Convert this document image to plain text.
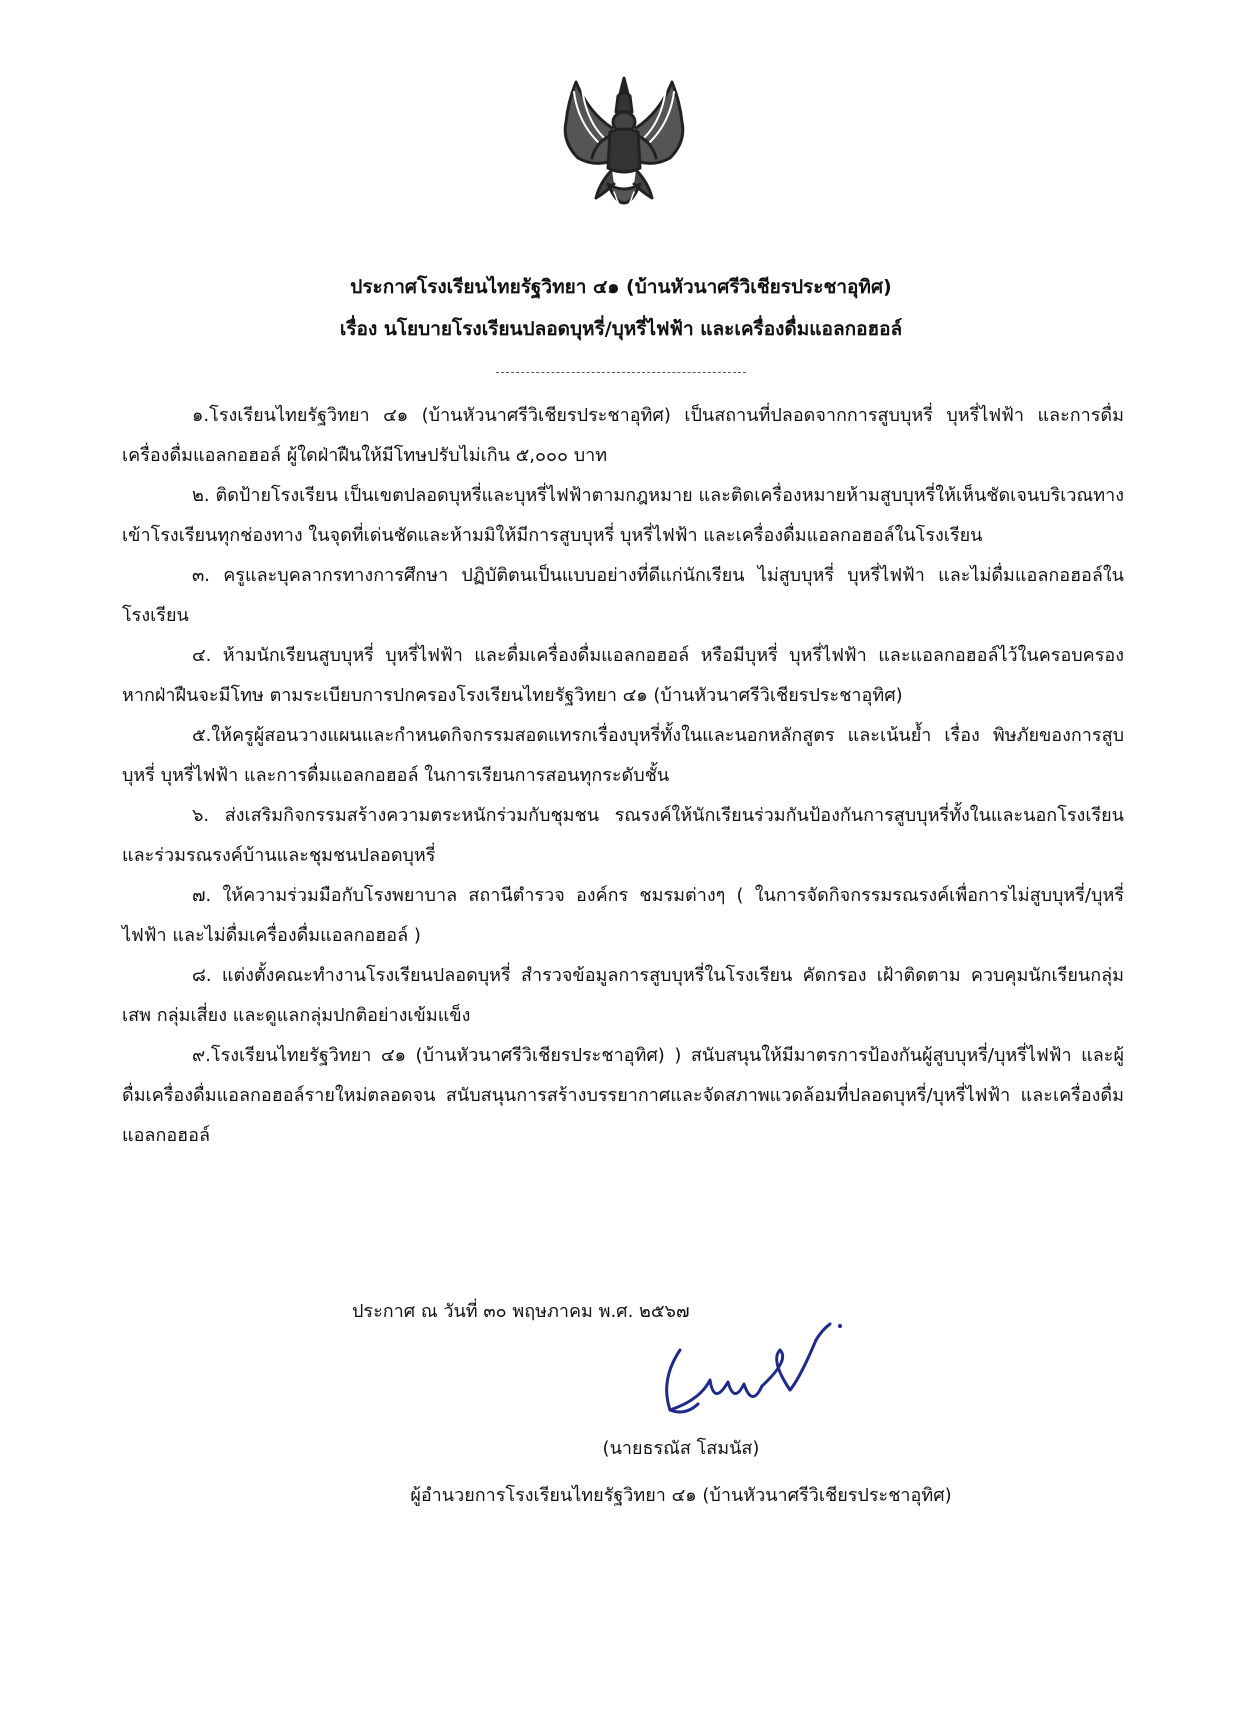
ประกาศโรงเรียนไทยรัฐวิทยา ๔๑ (บ้านหัวนาศรีวิเชียรประชาอุทิศ)
เรื่อง นโยบายโรงเรียนปลอดบุหรี่/บุหรี่ไฟฟ้า และเครื่องดื่มแอลกอฮอล์

๑.โรงเรียนไทยรัฐวิทยา ๔๑ (บ้านหัวนาศรีวิเชียรประชาอุทิศ) เป็นสถานที่ปลอดจากการสูบบุหรี่ บุหรี่ไฟฟ้า และการดื่มเครื่องดื่มแอลกอฮอล์ ผู้ใดฝ่าฝืนให้มีโทษปรับไม่เกิน ๕,๐๐๐ บาท

๒. ติดป้ายโรงเรียน เป็นเขตปลอดบุหรี่และบุหรี่ไฟฟ้าตามกฎหมาย และติดเครื่องหมายห้ามสูบบุหรี่ให้เห็นชัดเจนบริเวณทางเข้าโรงเรียนทุกช่องทาง ในจุดที่เด่นชัดและห้ามมิให้มีการสูบบุหรี่ บุหรี่ไฟฟ้า และเครื่องดื่มแอลกอฮอล์ในโรงเรียน

๓. ครูและบุคลากรทางการศึกษา ปฏิบัติตนเป็นแบบอย่างที่ดีแก่นักเรียน ไม่สูบบุหรี่ บุหรี่ไฟฟ้า และไม่ดื่มแอลกอฮอล์ในโรงเรียน

๔. ห้ามนักเรียนสูบบุหรี่ บุหรี่ไฟฟ้า และดื่มเครื่องดื่มแอลกอฮอล์ หรือมีบุหรี่ บุหรี่ไฟฟ้า และแอลกอฮอล์ไว้ในครอบครอง หากฝ่าฝืนจะมีโทษ ตามระเบียบการปกครองโรงเรียนไทยรัฐวิทยา ๔๑ (บ้านหัวนาศรีวิเชียรประชาอุทิศ)

๕.ให้ครูผู้สอนวางแผนและกำหนดกิจกรรมสอดแทรกเรื่องบุหรี่ทั้งในและนอกหลักสูตร และเน้นย้ำ เรื่อง พิษภัยของการสูบบุหรี่ บุหรี่ไฟฟ้า และการดื่มแอลกอฮอล์ ในการเรียนการสอนทุกระดับชั้น

๖. ส่งเสริมกิจกรรมสร้างความตระหนักร่วมกับชุมชน รณรงค์ให้นักเรียนร่วมกันป้องกันการสูบบุหรี่ทั้งในและนอกโรงเรียน และร่วมรณรงค์บ้านและชุมชนปลอดบุหรี่

๗. ให้ความร่วมมือกับโรงพยาบาล สถานีตำรวจ องค์กร ชมรมต่างๆ ( ในการจัดกิจกรรมรณรงค์เพื่อการไม่สูบบุหรี่/บุหรี่ไฟฟ้า และไม่ดื่มเครื่องดื่มแอลกอฮอล์ )

๘. แต่งตั้งคณะทำงานโรงเรียนปลอดบุหรี่ สำรวจข้อมูลการสูบบุหรี่ในโรงเรียน คัดกรอง เฝ้าติดตาม ควบคุมนักเรียนกลุ่มเสพ กลุ่มเสี่ยง และดูแลกลุ่มปกติอย่างเข้มแข็ง

๙.โรงเรียนไทยรัฐวิทยา ๔๑ (บ้านหัวนาศรีวิเชียรประชาอุทิศ) ) สนับสนุนให้มีมาตรการป้องกันผู้สูบบุหรี่/บุหรี่ไฟฟ้า และผู้ดื่มเครื่องดื่มแอลกอฮอล์รายใหม่ตลอดจน สนับสนุนการสร้างบรรยากาศและจัดสภาพแวดล้อมที่ปลอดบุหรี่/บุหรี่ไฟฟ้า และเครื่องดื่มแอลกอฮอล์

ประกาศ ณ วันที่ ๓๐ พฤษภาคม พ.ศ. ๒๕๖๗
(นายธรณัส โสมนัส)
ผู้อำนวยการโรงเรียนไทยรัฐวิทยา ๔๑ (บ้านหัวนาศรีวิเชียรประชาอุทิศ)
